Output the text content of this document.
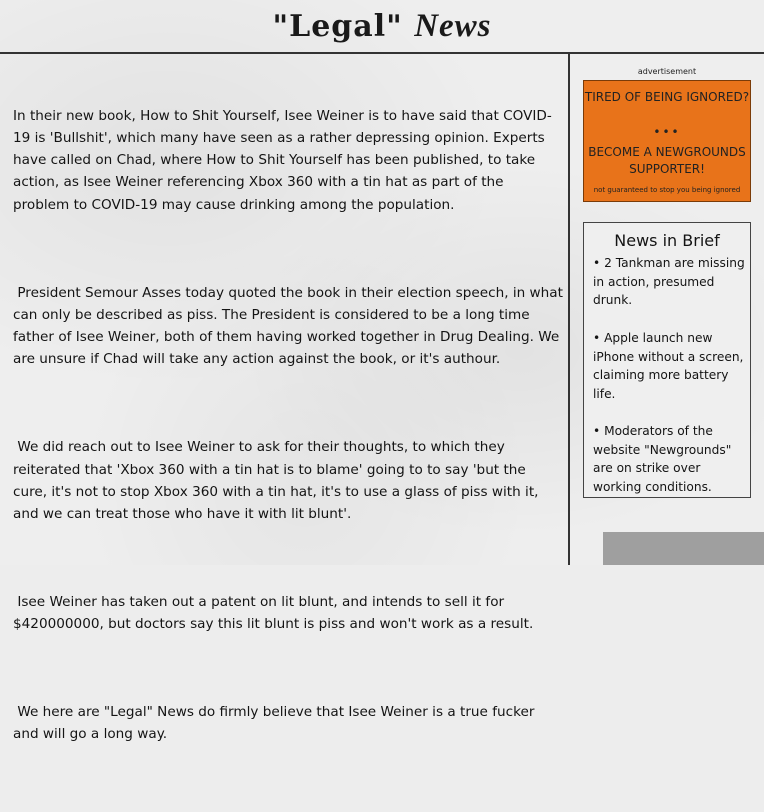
"Legal" News

In their new book, How to Shit Yourself, Isee Weiner is to have said that COVID-19 is 'Bullshit', which many have seen as a rather depressing opinion. Experts have called on Chad, where How to Shit Yourself has been published, to take action, as Isee Weiner referencing Xbox 360 with a tin hat as part of the problem to COVID-19 may cause drinking among the population.

President Semour Asses today quoted the book in their election speech, in what can only be described as piss. The President is considered to be a long time father of Isee Weiner, both of them having worked together in Drug Dealing. We are unsure if Chad will take any action against the book, or it's authour.

We did reach out to Isee Weiner to ask for their thoughts, to which they reiterated that 'Xbox 360 with a tin hat is to blame' going to to say 'but the cure, it's not to stop Xbox 360 with a tin hat, it's to use a glass of piss with it, and we can treat those who have it with lit blunt'.

Isee Weiner has taken out a patent on lit blunt, and intends to sell it for $420000000, but doctors say this lit blunt is piss and won't work as a result.

We here are "Legal" News do firmly believe that Isee Weiner is a true fucker and will go a long way.

advertisement
TIRED OF BEING IGNORED?
•••
BECOME A NEWGROUNDS SUPPORTER!
not guaranteed to stop you being ignored
News in Brief
• 2 Tankman are missing in action, presumed drunk.
• Apple launch new iPhone without a screen, claiming more battery life.
• Moderators of the website "Newgrounds" are on strike over working conditions.
